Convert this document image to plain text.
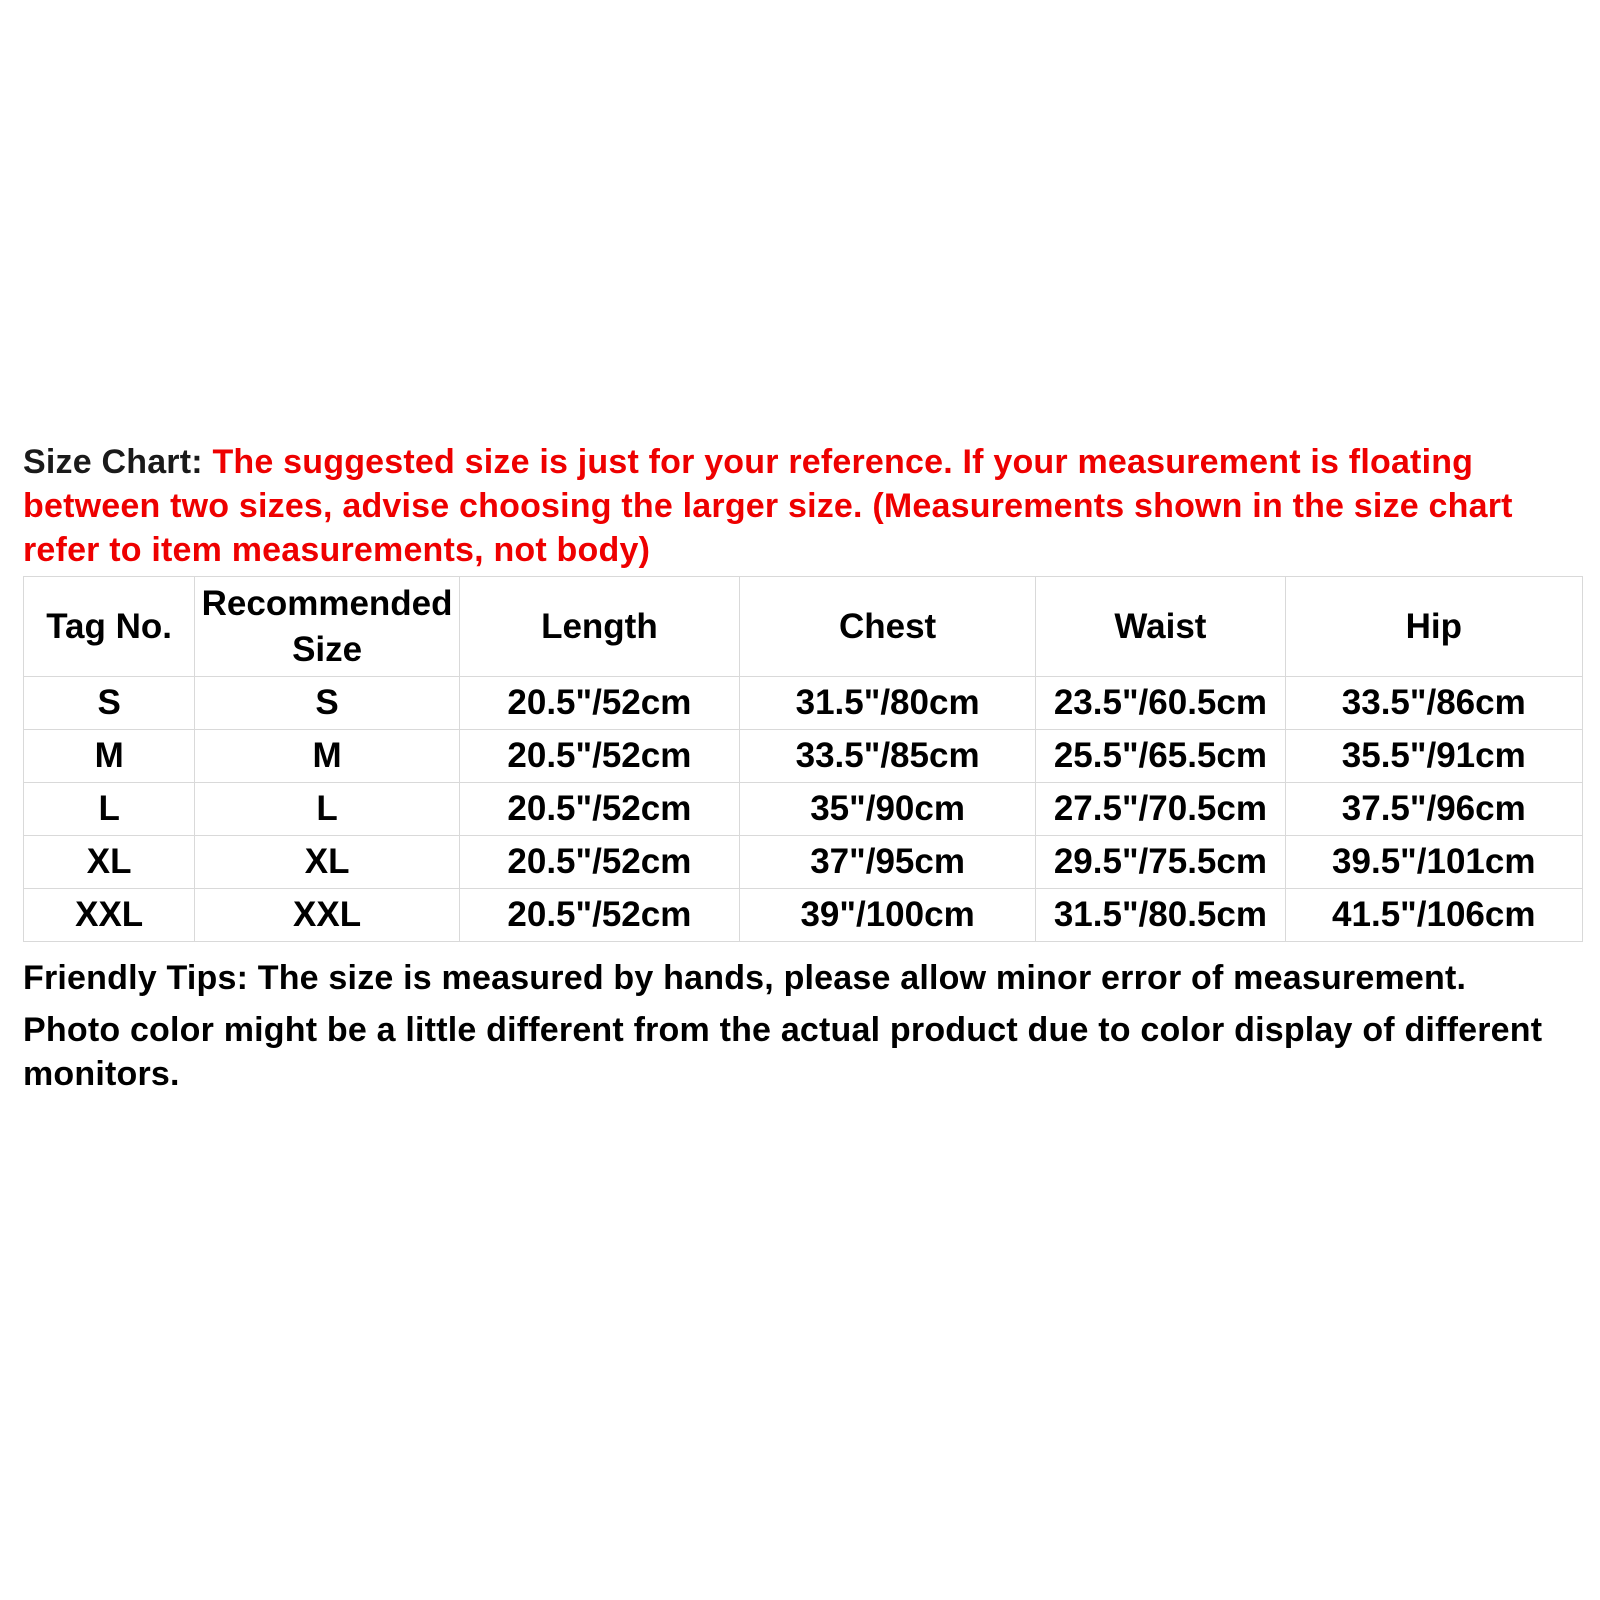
Size Chart: The suggested size is just for your reference. If your measurement is floating between two sizes, advise choosing the larger size. (Measurements shown in the size chart refer to item measurements, not body)

Tag No.	Recommended Size	Length	Chest	Waist	Hip
S	S	20.5"/52cm	31.5"/80cm	23.5"/60.5cm	33.5"/86cm
M	M	20.5"/52cm	33.5"/85cm	25.5"/65.5cm	35.5"/91cm
L	L	20.5"/52cm	35"/90cm	27.5"/70.5cm	37.5"/96cm
XL	XL	20.5"/52cm	37"/95cm	29.5"/75.5cm	39.5"/101cm
XXL	XXL	20.5"/52cm	39"/100cm	31.5"/80.5cm	41.5"/106cm

Friendly Tips: The size is measured by hands, please allow minor error of measurement.

Photo color might be a little different from the actual product due to color display of different monitors.
